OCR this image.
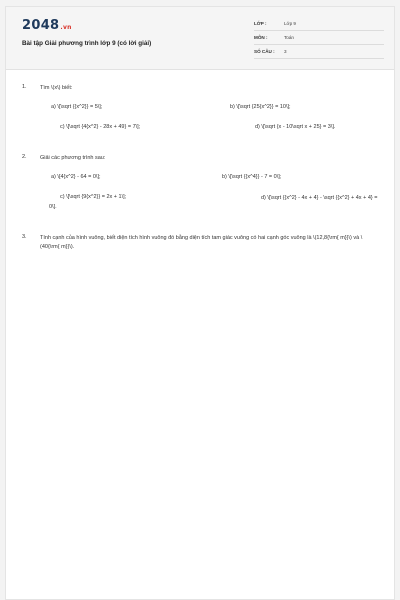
2048.vn
Bài tập Giải phương trình lớp 9 (có lời giải)
LỚP :	Lớp 9
MÔN :	Toán
SỐ CÂU : 3
1. Tìm \(x\) biết:
a) \[\sqrt {{x^2}} = 5\];	b) \[\sqrt {25{x^2}} = 10\];
c) \[\sqrt {4{x^2} - 28x + 49} = 7\];	d) \[\sqrt {x - 10\sqrt x + 25} = 3\].
2. Giải các phương trình sau:
a) \[4{x^2} - 64 = 0\];	b) \[\sqrt {{x^4}} - 7 = 0\];
c) \[\sqrt {9{x^2}} = 2x + 1\];	d) \[\sqrt {{x^2} - 4x + 4} - \sqrt {{x^2} + 4x + 4} = 0\].
3. Tính cạnh của hình vuông, biết diện tích hình vuông đó bằng diện tích tam giác vuông có hai cạnh góc vuông là \(12,8{\rm{ m}}\) và \(40{\rm{ m}}\).
